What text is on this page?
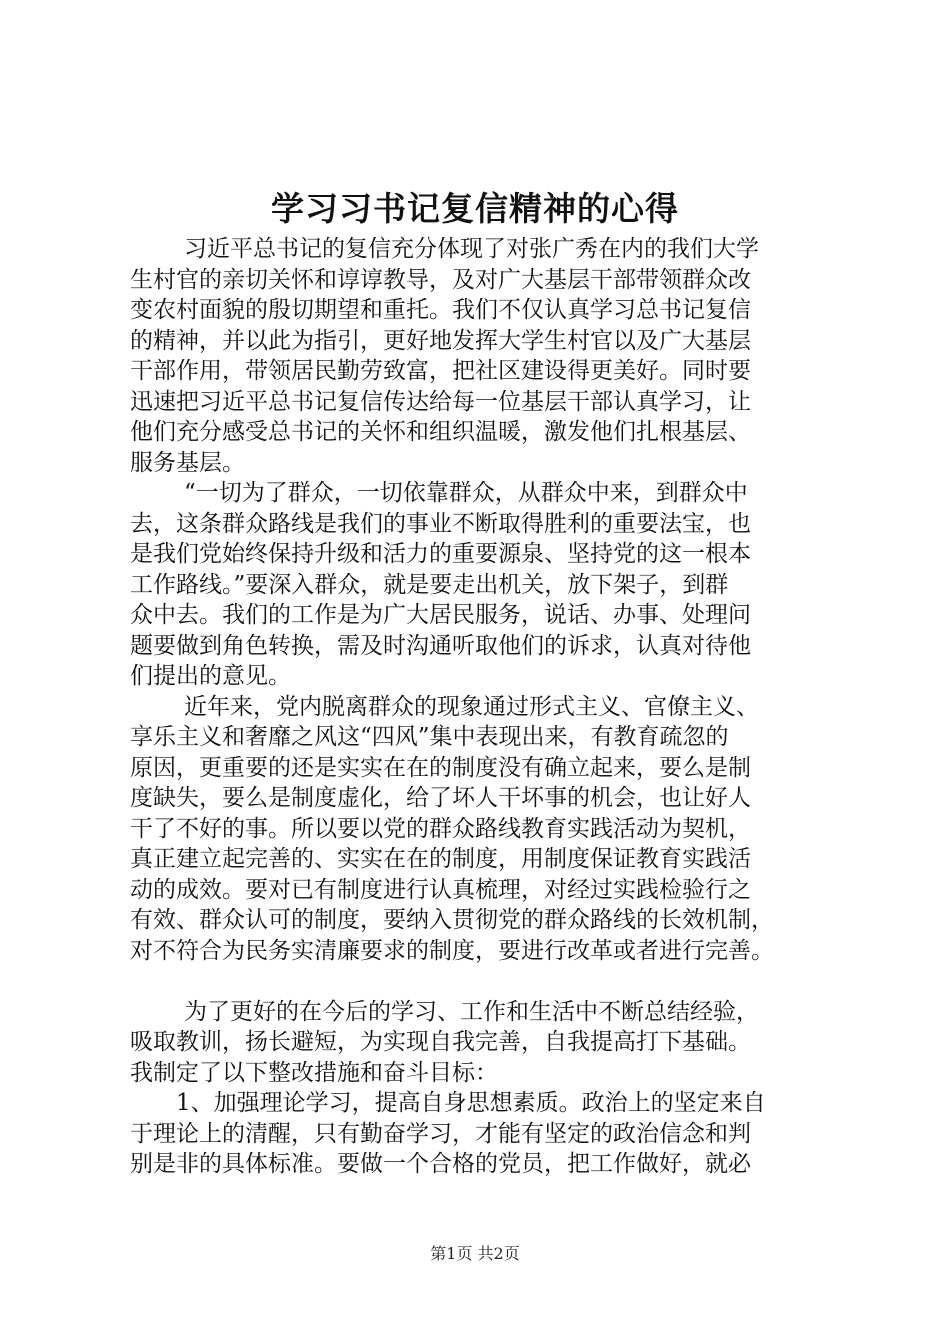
学习习书记复信精神的心得
习近平总书记的复信充分体现了对张广秀在内的我们大学
生村官的亲切关怀和谆谆教导，及对广大基层干部带领群众改
变农村面貌的殷切期望和重托。我们不仅认真学习总书记复信
的精神，并以此为指引，更好地发挥大学生村官以及广大基层
干部作用，带领居民勤劳致富，把社区建设得更美好。同时要
迅速把习近平总书记复信传达给每一位基层干部认真学习，让
他们充分感受总书记的关怀和组织温暖，激发他们扎根基层、
服务基层。
“一切为了群众，一切依靠群众，从群众中来，到群众中
去，这条群众路线是我们的事业不断取得胜利的重要法宝，也
是我们党始终保持升级和活力的重要源泉、坚持党的这一根本
工作路线。”要深入群众，就是要走出机关，放下架子，到群
众中去。我们的工作是为广大居民服务，说话、办事、处理问
题要做到角色转换，需及时沟通听取他们的诉求，认真对待他
们提出的意见。
近年来，党内脱离群众的现象通过形式主义、官僚主义、
享乐主义和奢靡之风这“四风”集中表现出来，有教育疏忽的
原因，更重要的还是实实在在的制度没有确立起来，要么是制
度缺失，要么是制度虚化，给了坏人干坏事的机会，也让好人
干了不好的事。所以要以党的群众路线教育实践活动为契机，
真正建立起完善的、实实在在的制度，用制度保证教育实践活
动的成效。要对已有制度进行认真梳理，对经过实践检验行之
有效、群众认可的制度，要纳入贯彻党的群众路线的长效机制，
对不符合为民务实清廉要求的制度，要进行改革或者进行完善。
为了更好的在今后的学习、工作和生活中不断总结经验，
吸取教训，扬长避短，为实现自我完善，自我提高打下基础。
我制定了以下整改措施和奋斗目标：
1、加强理论学习，提高自身思想素质。政治上的坚定来自
于理论上的清醒，只有勤奋学习，才能有坚定的政治信念和判
别是非的具体标准。要做一个合格的党员，把工作做好，就必
第1页 共2页
